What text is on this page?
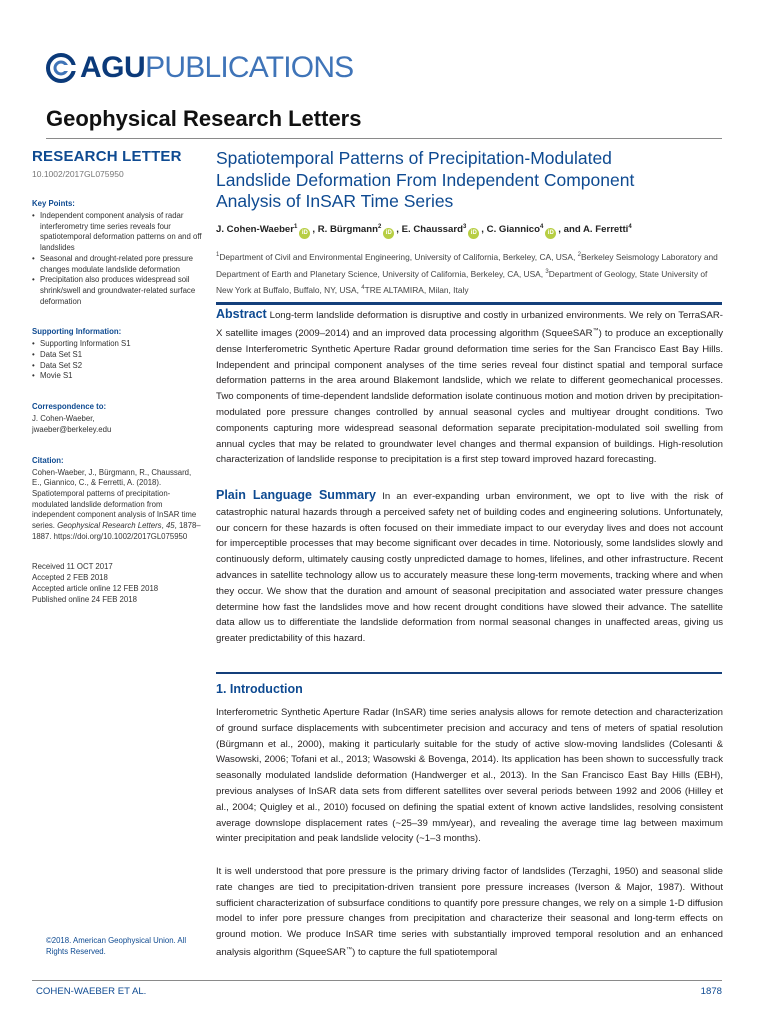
AGU PUBLICATIONS
Geophysical Research Letters
RESEARCH LETTER
10.1002/2017GL075950
Key Points:
• Independent component analysis of radar interferometry time series reveals four spatiotemporal deformation patterns on and off landslides
• Seasonal and drought-related pore pressure changes modulate landslide deformation
• Precipitation also produces widespread soil shrink/swell and groundwater-related surface deformation
Supporting Information:
• Supporting Information S1
• Data Set S1
• Data Set S2
• Movie S1
Correspondence to:

J. Cohen-Waeber,

jwaeber@berkeley.edu

Citation:

Cohen-Waeber, J., Bürgmann, R., Chaussard, E., Giannico, C., & Ferretti, A. (2018). Spatiotemporal patterns of precipitation-modulated landslide deformation from independent component analysis of InSAR time series. Geophysical Research Letters, 45, 1878–1887. https://doi.org/10.1002/2017GL075950

Received 11 OCT 2017

Accepted 2 FEB 2018

Accepted article online 12 FEB 2018

Published online 24 FEB 2018

©2018. American Geophysical Union. All Rights Reserved.
Spatiotemporal Patterns of Precipitation-Modulated Landslide Deformation From Independent Component Analysis of InSAR Time Series
J. Cohen-Waeber$^1$iD , R. Bürgmann$^2$iD , E. Chaussard$^3$iD , C. Giannico$^4$iD , and A. Ferretti$^4$
$^1$Department of Civil and Environmental Engineering, University of California, Berkeley, CA, USA, $^2$Berkeley Seismology Laboratory and Department of Earth and Planetary Science, University of California, Berkeley, CA, USA, $^3$Department of Geology, State University of New York at Buffalo, Buffalo, NY, USA, $^4$TRE ALTAMIRA, Milan, Italy
Abstract Long-term landslide deformation is disruptive and costly in urbanized environments. We rely on TerraSAR-X satellite images (2009–2014) and an improved data processing algorithm (SqueeSAR™) to produce an exceptionally dense Interferometric Synthetic Aperture Radar ground deformation time series for the San Francisco East Bay Hills. Independent and principal component analyses of the time series reveal four distinct spatial and temporal surface deformation patterns in the area around Blakemont landslide, which we relate to different geomechanical processes. Two components of time-dependent landslide deformation isolate continuous motion and motion driven by precipitation-modulated pore pressure changes controlled by annual seasonal cycles and multiyear drought conditions. Two components capturing more widespread seasonal deformation separate precipitation-modulated soil swelling from annual cycles that may be related to groundwater level changes and thermal expansion of buildings. High-resolution characterization of landslide response to precipitation is a first step toward improved hazard forecasting.
Plain Language Summary In an ever-expanding urban environment, we opt to live with the risk of catastrophic natural hazards through a perceived safety net of building codes and engineering solutions. Unfortunately, our concern for these hazards is often focused on their immediate impact to our everyday lives and does not account for imperceptible processes that may become significant over decades in time. Notoriously, some landslides slowly and continuously deform, ultimately causing costly unpredicted damage to homes, lifelines, and other infrastructure. Recent advances in satellite technology allow us to accurately measure these long-term movements, tracking where and when they occur. We show that the duration and amount of seasonal precipitation and associated water pressure changes determine how fast the landslides move and how recent drought conditions have slowed their advance. The satellite data allow us to differentiate the landslide deformation from normal seasonal changes in unaffected areas, giving us greater predictability of this hazard.
1. Introduction
Interferometric Synthetic Aperture Radar (InSAR) time series analysis allows for remote detection and characterization of ground surface displacements with subcentimeter precision and accuracy and tens of meters of spatial resolution (Bürgmann et al., 2000), making it particularly suitable for the study of active slow-moving landslides (Colesanti & Wasowski, 2006; Tofani et al., 2013; Wasowski & Bovenga, 2014). Its application has been shown to successfully track seasonally modulated landslide deformation (Handwerger et al., 2013). In the San Francisco East Bay Hills (EBH), previous analyses of InSAR data sets from different satellites over several periods between 1992 and 2006 (Hilley et al., 2004; Quigley et al., 2010) focused on defining the spatial extent of known active landslides, resolving consistent average downslope displacement rates (~25–39 mm/year), and revealing the average time lag between maximum winter precipitation and peak landslide velocity (~1–3 months).
It is well understood that pore pressure is the primary driving factor of landslides (Terzaghi, 1950) and seasonal slide rate changes are tied to precipitation-driven transient pore pressure increases (Iverson & Major, 1987). Without sufficient characterization of subsurface conditions to quantify pore pressure changes, we rely on a simple 1-D diffusion model to infer pore pressure changes from precipitation and characterize their seasonal and long-term effects on ground motion. We produce InSAR time series with substantially improved temporal resolution and an enhanced analysis algorithm (SqueeSAR™) to capture the full spatiotemporal
COHEN-WAEBER ET AL.	1878
